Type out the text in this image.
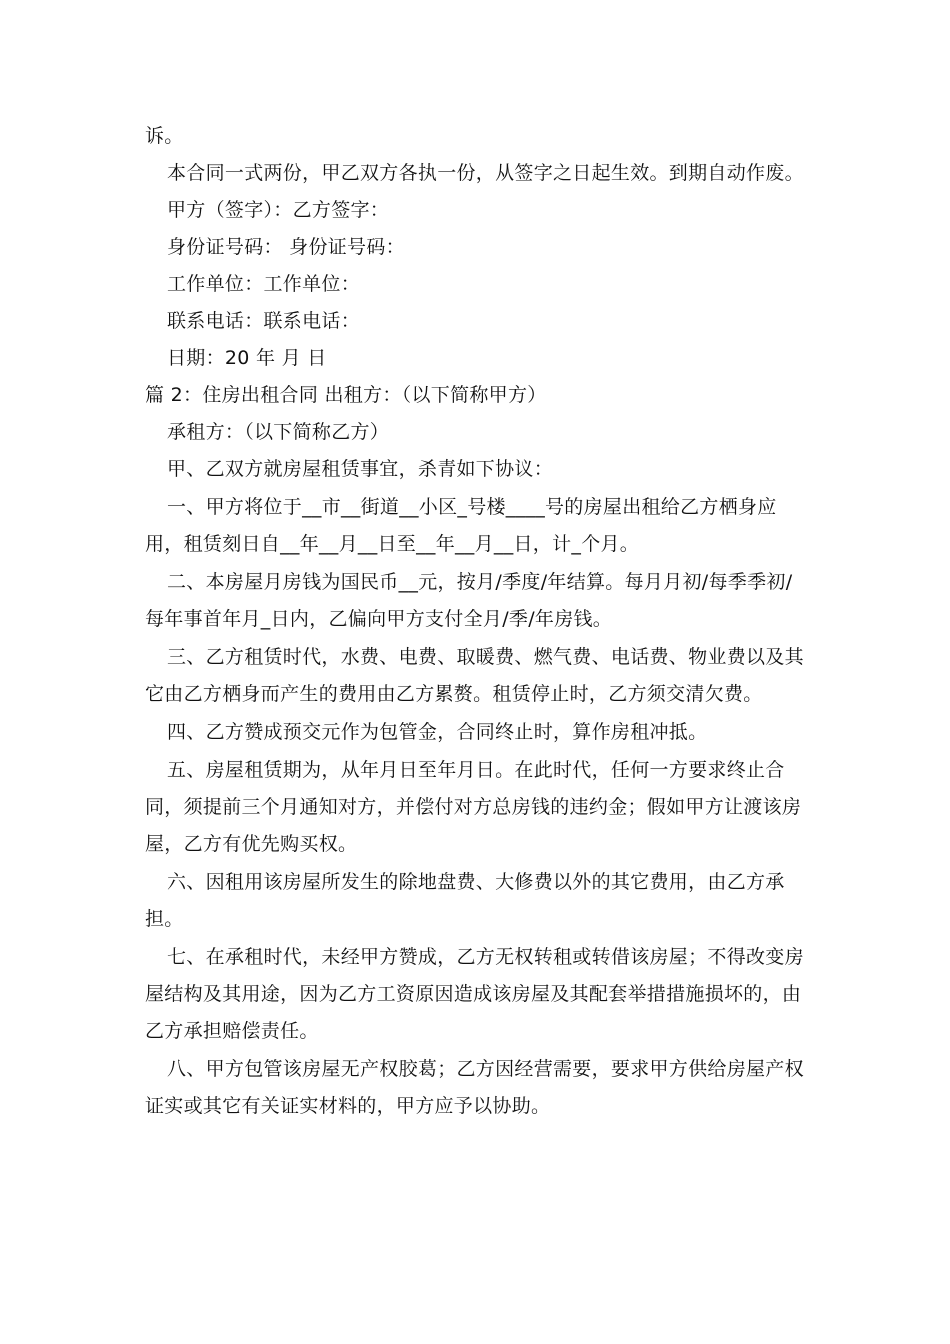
诉。

本合同一式两份，甲乙双方各执一份，从签字之日起生效。到期自动作废。

甲方（签字）：乙方签字：

身份证号码： 身份证号码：

工作单位：工作单位：

联系电话：联系电话：

日期：20 年 月 日

篇 2：住房出租合同 出租方：（以下简称甲方）

承租方：（以下简称乙方）

甲、乙双方就房屋租赁事宜，杀青如下协议：

一、甲方将位于__市__街道__小区_号楼____号的房屋出租给乙方栖身应用，租赁刻日自__年__月__日至__年__月__日，计_个月。

二、本房屋月房钱为国民币__元，按月/季度/年结算。每月月初/每季季初/每年事首年月_日内，乙偏向甲方支付全月/季/年房钱。

三、乙方租赁时代，水费、电费、取暖费、燃气费、电话费、物业费以及其它由乙方栖身而产生的费用由乙方累赘。租赁停止时，乙方须交清欠费。

四、乙方赞成预交元作为包管金，合同终止时，算作房租冲抵。

五、房屋租赁期为，从年月日至年月日。在此时代，任何一方要求终止合同，须提前三个月通知对方，并偿付对方总房钱的违约金；假如甲方让渡该房屋，乙方有优先购买权。

六、因租用该房屋所发生的除地盘费、大修费以外的其它费用，由乙方承担。

七、在承租时代，未经甲方赞成，乙方无权转租或转借该房屋；不得改变房屋结构及其用途，因为乙方工资原因造成该房屋及其配套举措措施损坏的，由乙方承担赔偿责任。

八、甲方包管该房屋无产权胶葛；乙方因经营需要，要求甲方供给房屋产权证实或其它有关证实材料的，甲方应予以协助。
